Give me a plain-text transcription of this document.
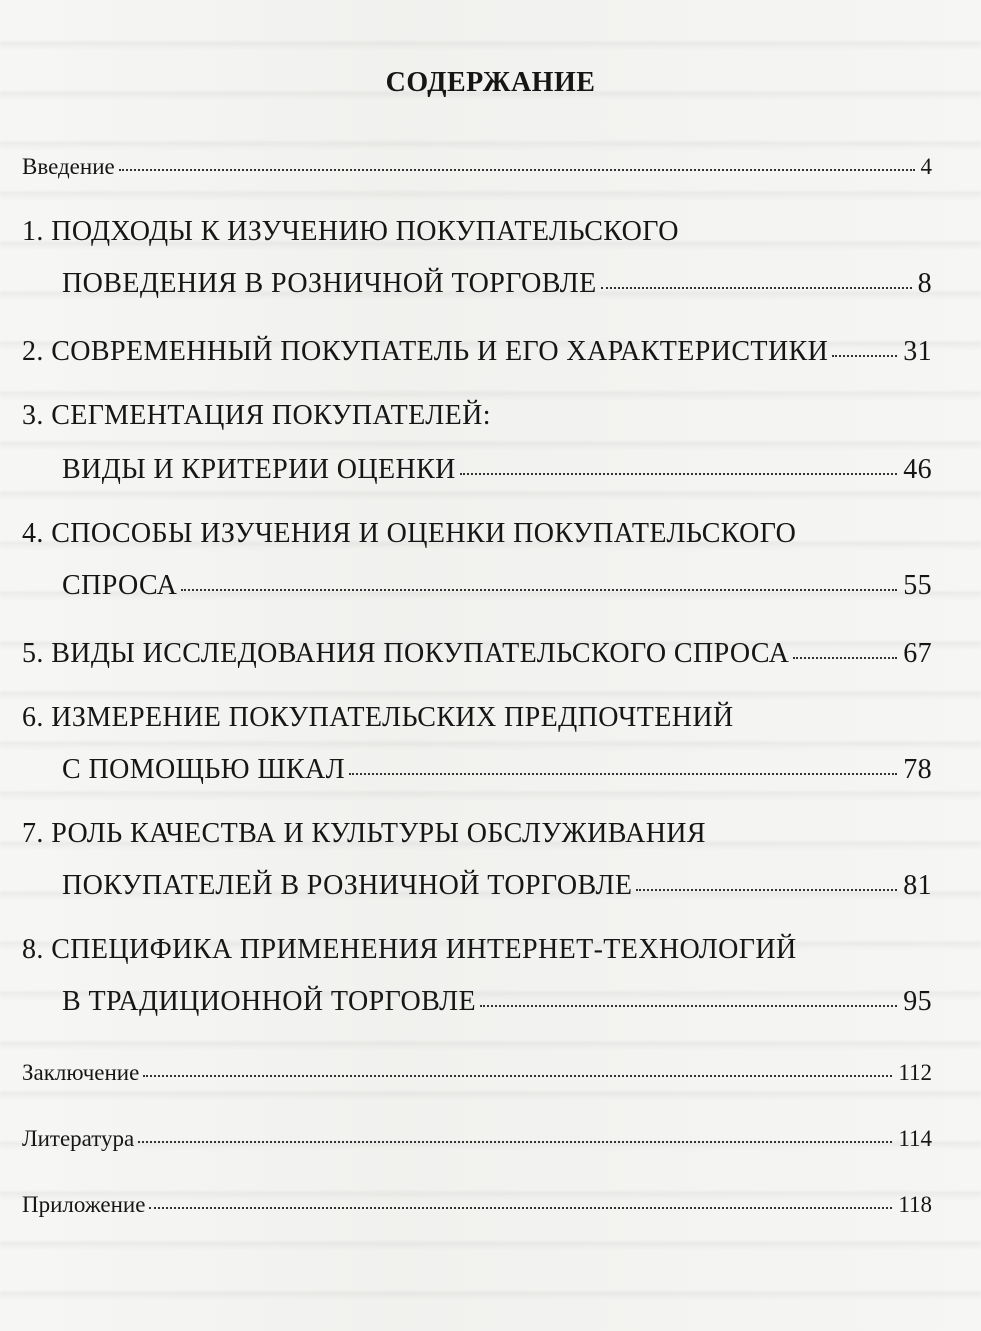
СОДЕРЖАНИЕ
Введение	4
1. ПОДХОДЫ К ИЗУЧЕНИЮ ПОКУПАТЕЛЬСКОГО
ПОВЕДЕНИЯ В РОЗНИЧНОЙ ТОРГОВЛЕ	8
2. СОВРЕМЕННЫЙ ПОКУПАТЕЛЬ И ЕГО ХАРАКТЕРИСТИКИ	31
3. СЕГМЕНТАЦИЯ ПОКУПАТЕЛЕЙ:
ВИДЫ И КРИТЕРИИ ОЦЕНКИ	46
4. СПОСОБЫ ИЗУЧЕНИЯ И ОЦЕНКИ ПОКУПАТЕЛЬСКОГО
СПРОСА	55
5. ВИДЫ ИССЛЕДОВАНИЯ ПОКУПАТЕЛЬСКОГО СПРОСА	67
6. ИЗМЕРЕНИЕ ПОКУПАТЕЛЬСКИХ ПРЕДПОЧТЕНИЙ
С ПОМОЩЬЮ ШКАЛ	78
7. РОЛЬ КАЧЕСТВА И КУЛЬТУРЫ ОБСЛУЖИВАНИЯ
ПОКУПАТЕЛЕЙ В РОЗНИЧНОЙ ТОРГОВЛЕ	81
8. СПЕЦИФИКА ПРИМЕНЕНИЯ ИНТЕРНЕТ-ТЕХНОЛОГИЙ
В ТРАДИЦИОННОЙ ТОРГОВЛЕ	95
Заключение	112
Литература	114
Приложение	118
